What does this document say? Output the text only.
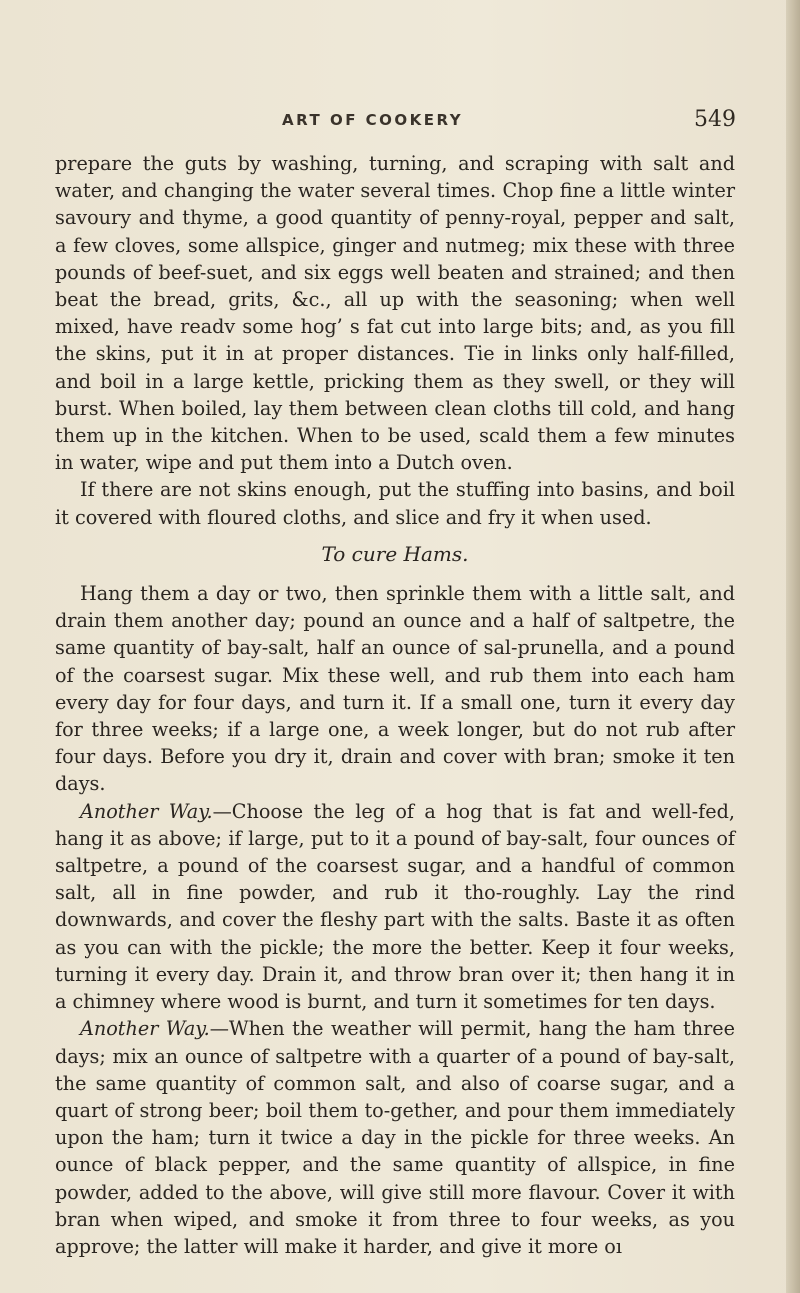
ART OF COOKERY	549

prepare the guts by washing, turning, and scraping with salt and water, and changing the water several times. Chop fine a little winter savoury and thyme, a good quantity of penny-royal, pepper and salt, a few cloves, some allspice, ginger and nutmeg; mix these with three pounds of beef-suet, and six eggs well beaten and strained; and then beat the bread, grits, &c., all up with the seasoning; when well mixed, have readv some hog’ s fat cut into large bits; and, as you fill the skins, put it in at proper distances. Tie in links only half-filled, and boil in a large kettle, pricking them as they swell, or they will burst. When boiled, lay them between clean cloths till cold, and hang them up in the kitchen. When to be used, scald them a few minutes in water, wipe and put them into a Dutch oven.

If there are not skins enough, put the stuffing into basins, and boil it covered with floured cloths, and slice and fry it when used.

To cure Hams.

Hang them a day or two, then sprinkle them with a little salt, and drain them another day; pound an ounce and a half of saltpetre, the same quantity of bay-salt, half an ounce of sal-prunella, and a pound of the coarsest sugar. Mix these well, and rub them into each ham every day for four days, and turn it. If a small one, turn it every day for three weeks; if a large one, a week longer, but do not rub after four days. Before you dry it, drain and cover with bran; smoke it ten days.

Another Way.—Choose the leg of a hog that is fat and well-fed, hang it as above; if large, put to it a pound of bay-salt, four ounces of saltpetre, a pound of the coarsest sugar, and a handful of common salt, all in fine powder, and rub it tho-roughly. Lay the rind downwards, and cover the fleshy part with the salts. Baste it as often as you can with the pickle; the more the better. Keep it four weeks, turning it every day. Drain it, and throw bran over it; then hang it in a chimney where wood is burnt, and turn it sometimes for ten days.

Another Way.—When the weather will permit, hang the ham three days; mix an ounce of saltpetre with a quarter of a pound of bay-salt, the same quantity of common salt, and also of coarse sugar, and a quart of strong beer; boil them to-gether, and pour them immediately upon the ham; turn it twice a day in the pickle for three weeks. An ounce of black pepper, and the same quantity of allspice, in fine powder, added to the above, will give still more flavour. Cover it with bran when wiped, and smoke it from three to four weeks, as you approve; the latter will make it harder, and give it more oı
